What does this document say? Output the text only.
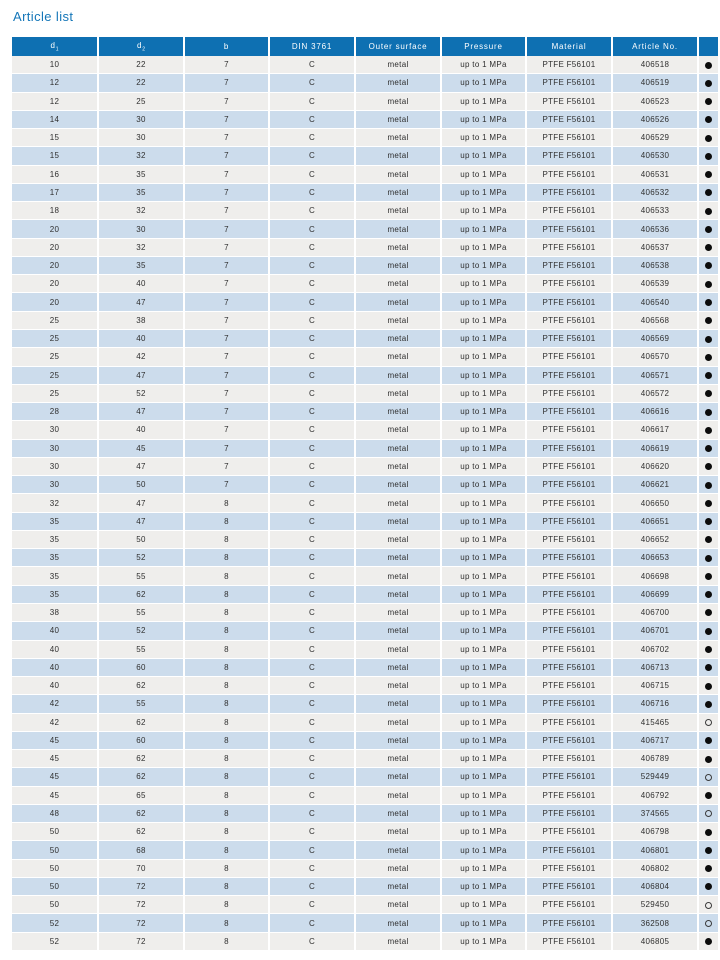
Article list
$d_1$	$d_2$	b	DIN 3761	Outer surface	Pressure	Material	Article No.	
10	22	7	C	metal	up to 1 MPa	PTFE F56101	406518	
12	22	7	C	metal	up to 1 MPa	PTFE F56101	406519	
12	25	7	C	metal	up to 1 MPa	PTFE F56101	406523	
14	30	7	C	metal	up to 1 MPa	PTFE F56101	406526	
15	30	7	C	metal	up to 1 MPa	PTFE F56101	406529	
15	32	7	C	metal	up to 1 MPa	PTFE F56101	406530	
16	35	7	C	metal	up to 1 MPa	PTFE F56101	406531	
17	35	7	C	metal	up to 1 MPa	PTFE F56101	406532	
18	32	7	C	metal	up to 1 MPa	PTFE F56101	406533	
20	30	7	C	metal	up to 1 MPa	PTFE F56101	406536	
20	32	7	C	metal	up to 1 MPa	PTFE F56101	406537	
20	35	7	C	metal	up to 1 MPa	PTFE F56101	406538	
20	40	7	C	metal	up to 1 MPa	PTFE F56101	406539	
20	47	7	C	metal	up to 1 MPa	PTFE F56101	406540	
25	38	7	C	metal	up to 1 MPa	PTFE F56101	406568	
25	40	7	C	metal	up to 1 MPa	PTFE F56101	406569	
25	42	7	C	metal	up to 1 MPa	PTFE F56101	406570	
25	47	7	C	metal	up to 1 MPa	PTFE F56101	406571	
25	52	7	C	metal	up to 1 MPa	PTFE F56101	406572	
28	47	7	C	metal	up to 1 MPa	PTFE F56101	406616	
30	40	7	C	metal	up to 1 MPa	PTFE F56101	406617	
30	45	7	C	metal	up to 1 MPa	PTFE F56101	406619	
30	47	7	C	metal	up to 1 MPa	PTFE F56101	406620	
30	50	7	C	metal	up to 1 MPa	PTFE F56101	406621	
32	47	8	C	metal	up to 1 MPa	PTFE F56101	406650	
35	47	8	C	metal	up to 1 MPa	PTFE F56101	406651	
35	50	8	C	metal	up to 1 MPa	PTFE F56101	406652	
35	52	8	C	metal	up to 1 MPa	PTFE F56101	406653	
35	55	8	C	metal	up to 1 MPa	PTFE F56101	406698	
35	62	8	C	metal	up to 1 MPa	PTFE F56101	406699	
38	55	8	C	metal	up to 1 MPa	PTFE F56101	406700	
40	52	8	C	metal	up to 1 MPa	PTFE F56101	406701	
40	55	8	C	metal	up to 1 MPa	PTFE F56101	406702	
40	60	8	C	metal	up to 1 MPa	PTFE F56101	406713	
40	62	8	C	metal	up to 1 MPa	PTFE F56101	406715	
42	55	8	C	metal	up to 1 MPa	PTFE F56101	406716	
42	62	8	C	metal	up to 1 MPa	PTFE F56101	415465	
45	60	8	C	metal	up to 1 MPa	PTFE F56101	406717	
45	62	8	C	metal	up to 1 MPa	PTFE F56101	406789	
45	62	8	C	metal	up to 1 MPa	PTFE F56101	529449	
45	65	8	C	metal	up to 1 MPa	PTFE F56101	406792	
48	62	8	C	metal	up to 1 MPa	PTFE F56101	374565	
50	62	8	C	metal	up to 1 MPa	PTFE F56101	406798	
50	68	8	C	metal	up to 1 MPa	PTFE F56101	406801	
50	70	8	C	metal	up to 1 MPa	PTFE F56101	406802	
50	72	8	C	metal	up to 1 MPa	PTFE F56101	406804	
50	72	8	C	metal	up to 1 MPa	PTFE F56101	529450	
52	72	8	C	metal	up to 1 MPa	PTFE F56101	362508	
52	72	8	C	metal	up to 1 MPa	PTFE F56101	406805	
